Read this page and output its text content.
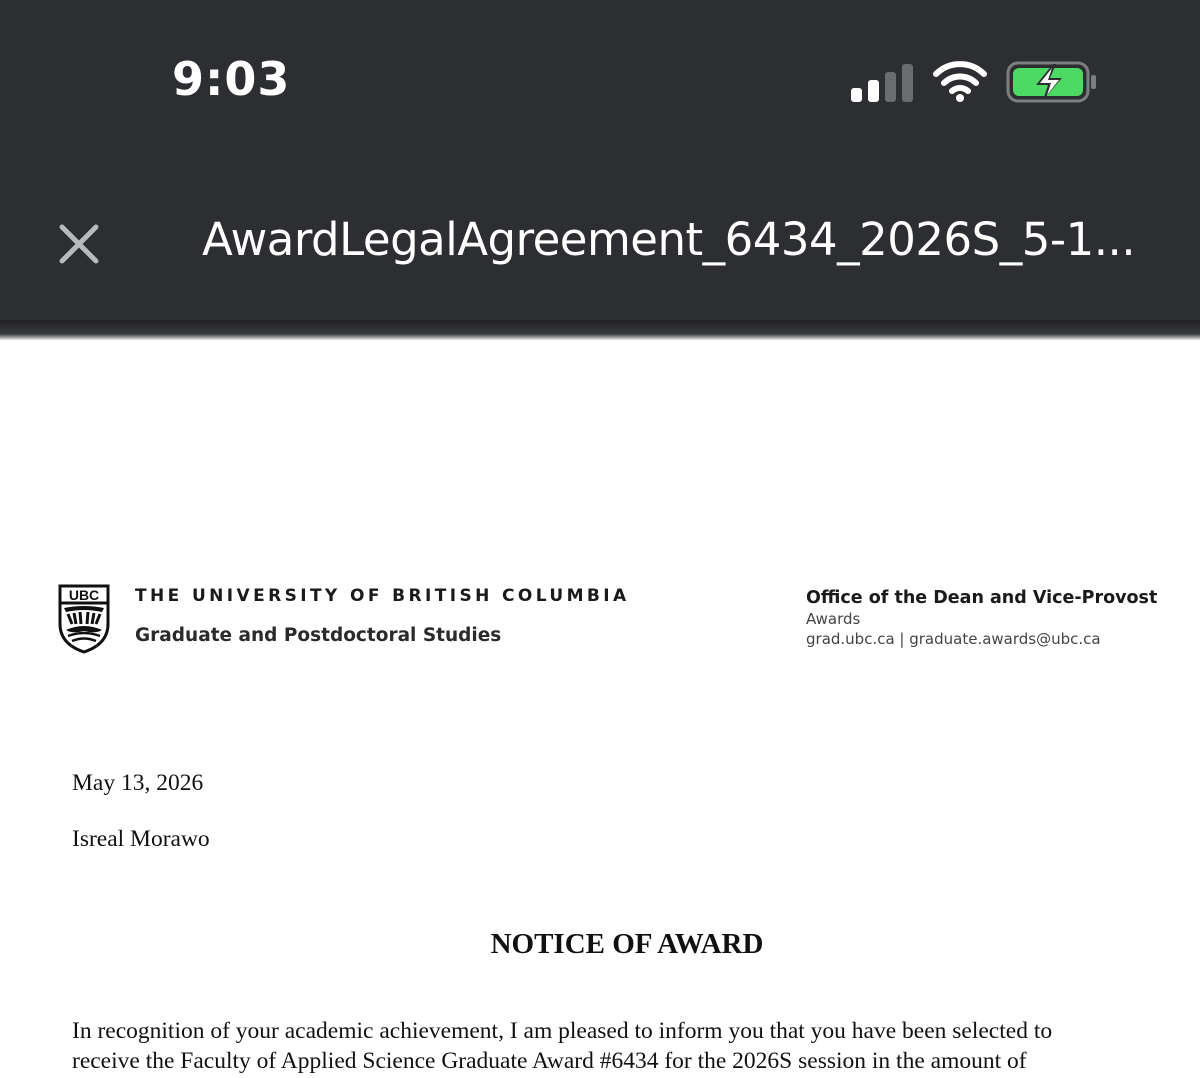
9:03
AwardLegalAgreement_6434_2026S_5-1...
UBC THE UNIVERSITY OF BRITISH COLUMBIA
Graduate and Postdoctoral Studies
Office of the Dean and Vice-Provost
Awards
grad.ubc.ca | graduate.awards@ubc.ca
May 13, 2026
Isreal Morawo
NOTICE OF AWARD
In recognition of your academic achievement, I am pleased to inform you that you have been selected to
receive the Faculty of Applied Science Graduate Award #6434 for the 2026S session in the amount of
